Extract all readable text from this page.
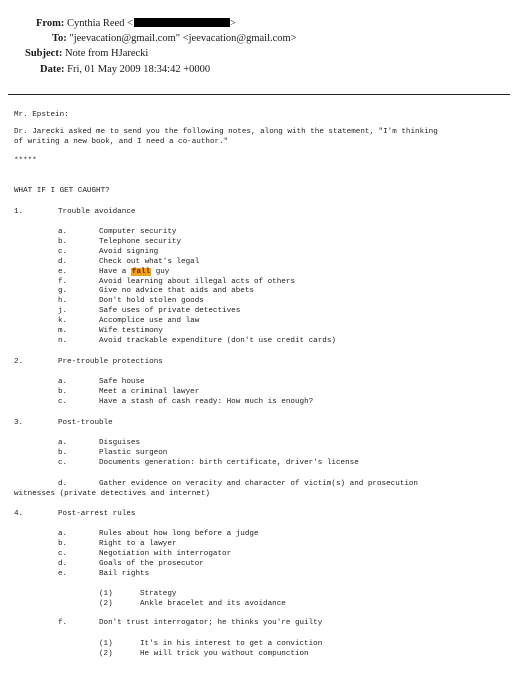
From: Cynthia Reed <	>
To: "jeevacation@gmail.com" <jeevacation@gmail.com>
Subject: Note from HJarecki
Date: Fri, 01 May 2009 18:34:42 +0000
Mr. Epstein:
Dr. Jarecki asked me to send you the following notes, along with the statement, "I'm thinking
of writing a new book, and I need a co-author."
*****
WHAT IF I GET CAUGHT?
1.	Trouble avoidance
a.	Computer security
b.	Telephone security
c.	Avoid signing
d.	Check out what's legal
e.	Have a fall guy
f.	Avoid learning about illegal acts of others
g.	Give no advice that aids and abets
h.	Don't hold stolen goods
j.	Safe uses of private detectives
k.	Accomplice use and law
m.	Wife testimony
n.	Avoid trackable expenditure (don't use credit cards)
2.	Pre-trouble protections
a.	Safe house
b.	Meet a criminal lawyer
c.	Have a stash of cash ready: How much is enough?
3.	Post-trouble
a.	Disguises
b.	Plastic surgeon
c.	Documents generation: birth certificate, driver's license
d.	Gather evidence on veracity and character of victim(s) and prosecution
witnesses (private detectives and internet)
4.	Post-arrest rules
a.	Rules about how long before a judge
b.	Right to a lawyer
c.	Negotiation with interrogator
d.	Goals of the prosecutor
e.	Bail rights
(1)	Strategy
(2)	Ankle bracelet and its avoidance
f.	Don't trust interrogator; he thinks you're guilty
(1)	It's in his interest to get a conviction
(2)	He will trick you without compunction
